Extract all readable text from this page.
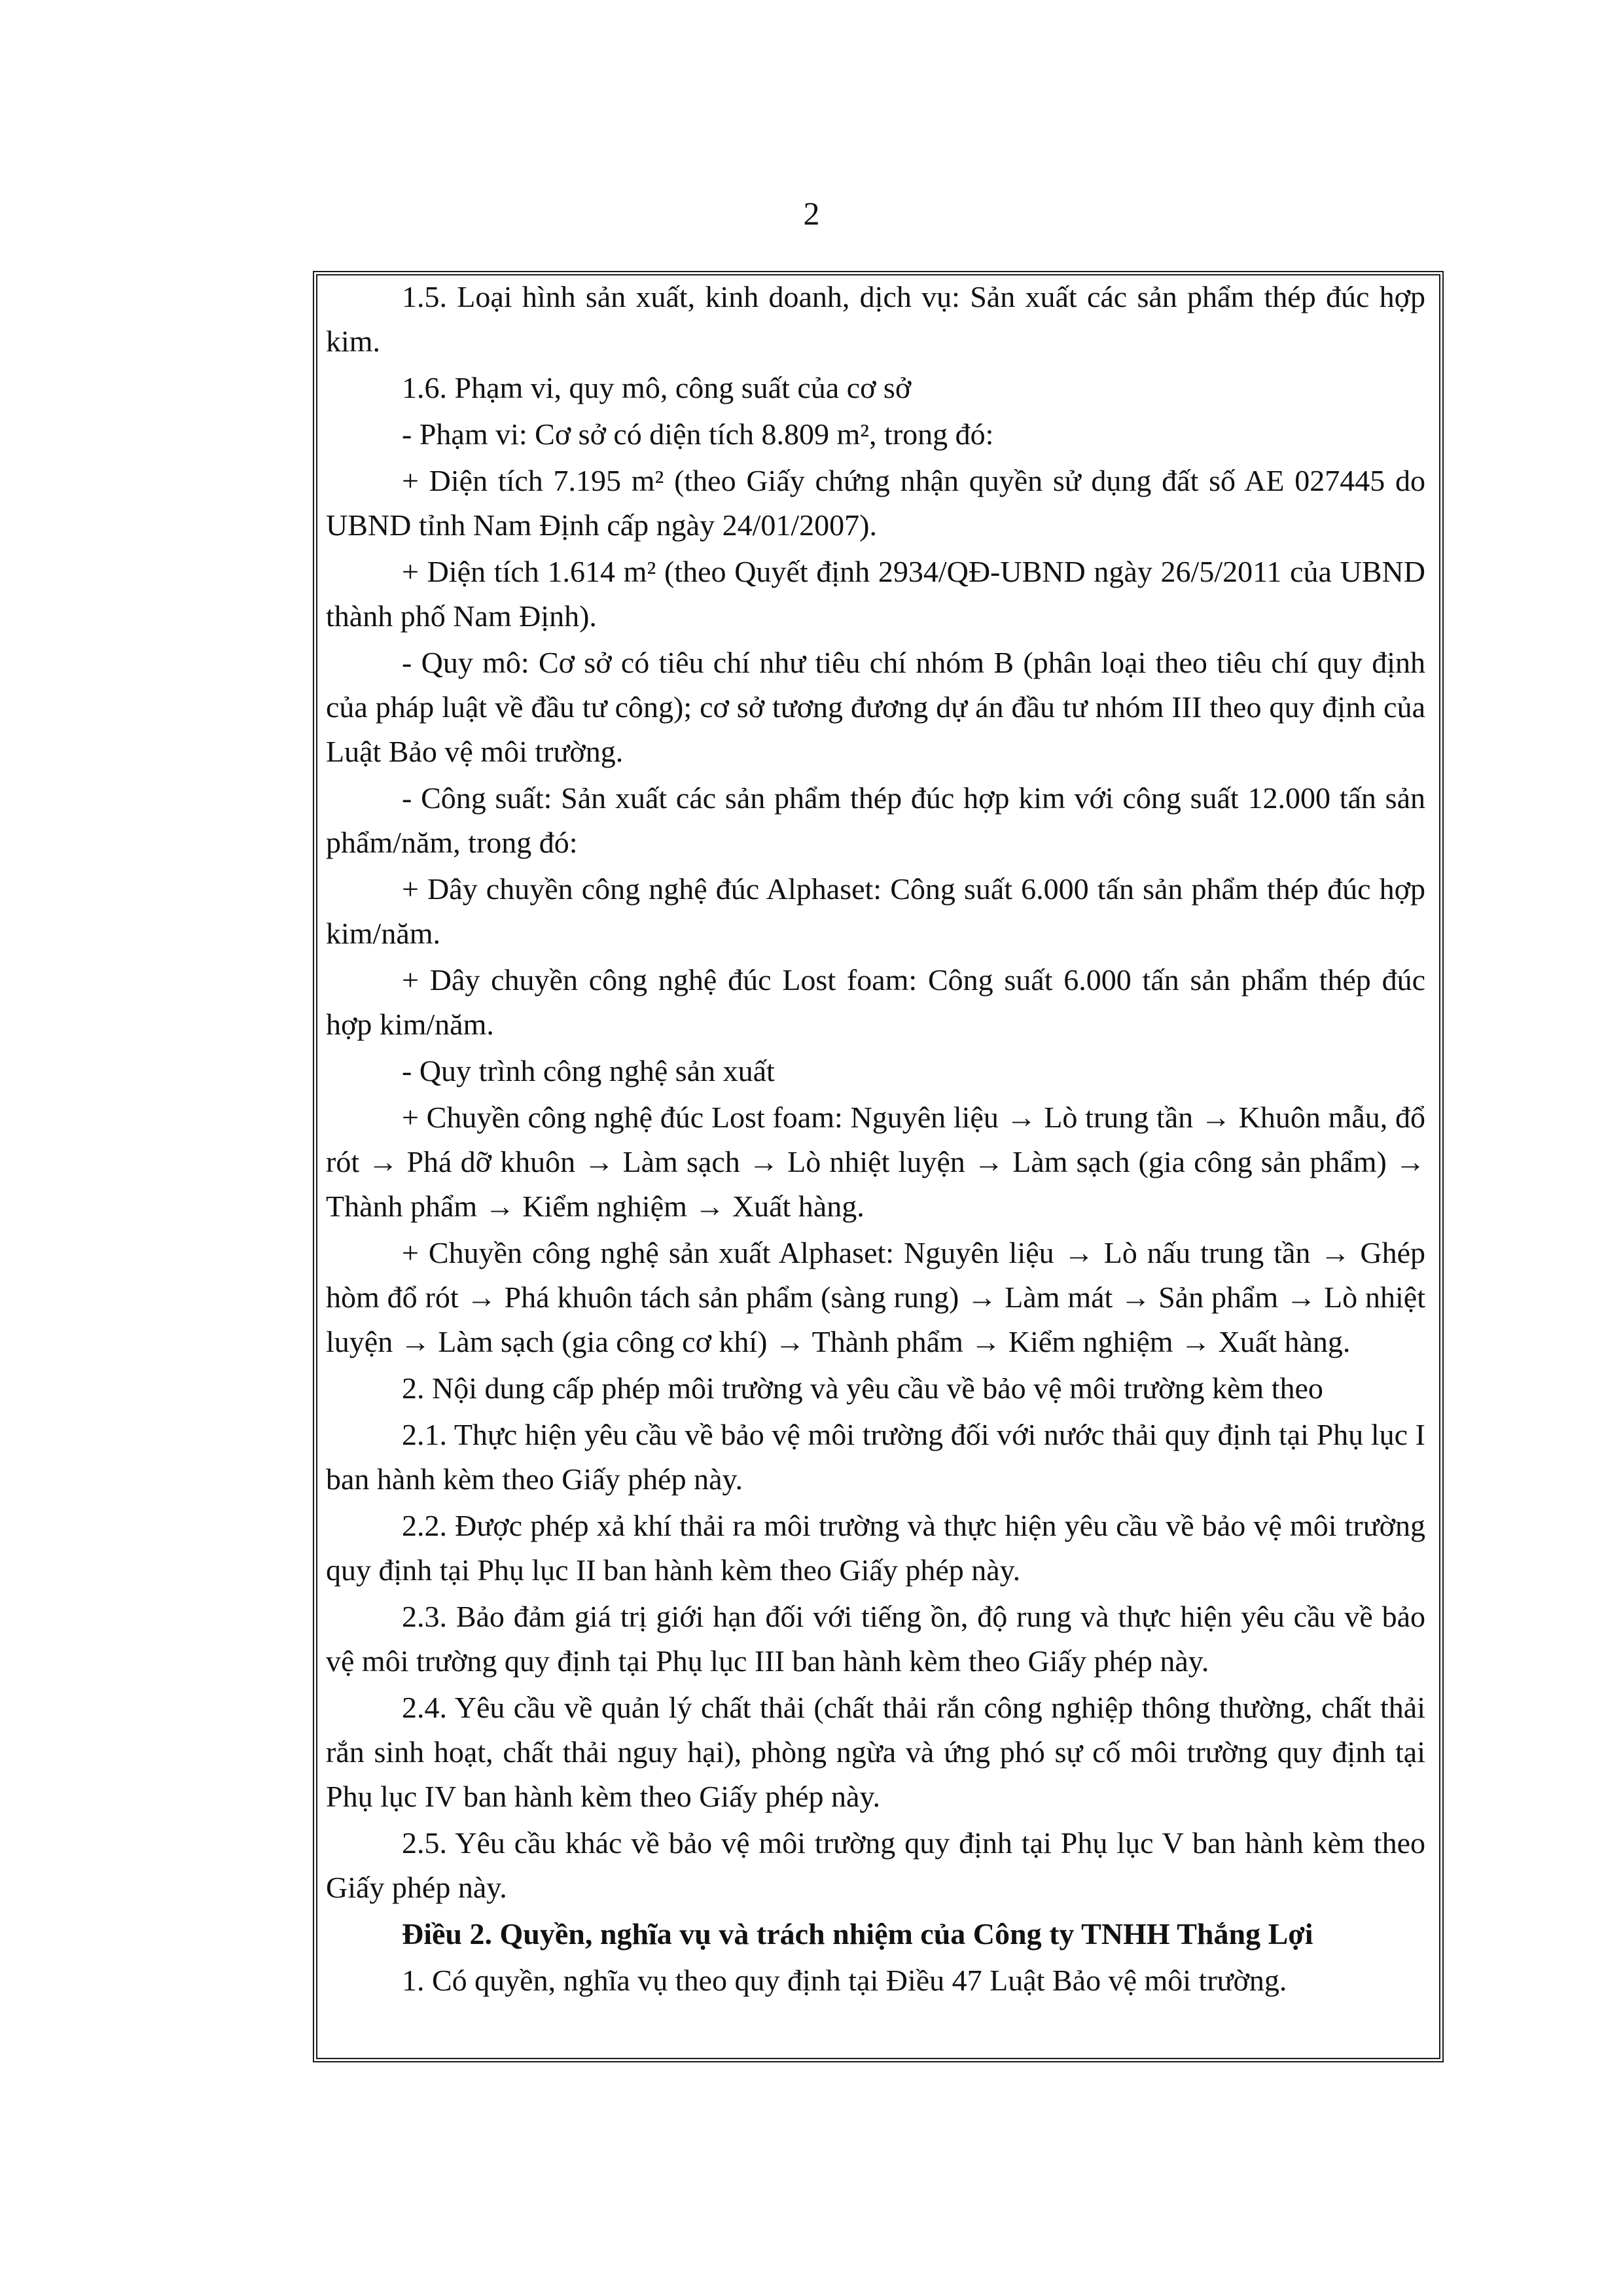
2

1.5. Loại hình sản xuất, kinh doanh, dịch vụ: Sản xuất các sản phẩm thép đúc hợp kim.

1.6. Phạm vi, quy mô, công suất của cơ sở

- Phạm vi: Cơ sở có diện tích 8.809 m², trong đó:

+ Diện tích 7.195 m² (theo Giấy chứng nhận quyền sử dụng đất số AE 027445 do UBND tỉnh Nam Định cấp ngày 24/01/2007).

+ Diện tích 1.614 m² (theo Quyết định 2934/QĐ-UBND ngày 26/5/2011 của UBND thành phố Nam Định).

- Quy mô: Cơ sở có tiêu chí như tiêu chí nhóm B (phân loại theo tiêu chí quy định của pháp luật về đầu tư công); cơ sở tương đương dự án đầu tư nhóm III theo quy định của Luật Bảo vệ môi trường.

- Công suất: Sản xuất các sản phẩm thép đúc hợp kim với công suất 12.000 tấn sản phẩm/năm, trong đó:

+ Dây chuyền công nghệ đúc Alphaset: Công suất 6.000 tấn sản phẩm thép đúc hợp kim/năm.

+ Dây chuyền công nghệ đúc Lost foam: Công suất 6.000 tấn sản phẩm thép đúc hợp kim/năm.

- Quy trình công nghệ sản xuất

+ Chuyền công nghệ đúc Lost foam: Nguyên liệu → Lò trung tần → Khuôn mẫu, đổ rót → Phá dỡ khuôn → Làm sạch → Lò nhiệt luyện → Làm sạch (gia công sản phẩm) → Thành phẩm → Kiểm nghiệm → Xuất hàng.

+ Chuyền công nghệ sản xuất Alphaset: Nguyên liệu → Lò nấu trung tần → Ghép hòm đổ rót → Phá khuôn tách sản phẩm (sàng rung) → Làm mát → Sản phẩm → Lò nhiệt luyện → Làm sạch (gia công cơ khí) → Thành phẩm → Kiểm nghiệm → Xuất hàng.

2. Nội dung cấp phép môi trường và yêu cầu về bảo vệ môi trường kèm theo

2.1. Thực hiện yêu cầu về bảo vệ môi trường đối với nước thải quy định tại Phụ lục I ban hành kèm theo Giấy phép này.

2.2. Được phép xả khí thải ra môi trường và thực hiện yêu cầu về bảo vệ môi trường quy định tại Phụ lục II ban hành kèm theo Giấy phép này.

2.3. Bảo đảm giá trị giới hạn đối với tiếng ồn, độ rung và thực hiện yêu cầu về bảo vệ môi trường quy định tại Phụ lục III ban hành kèm theo Giấy phép này.

2.4. Yêu cầu về quản lý chất thải (chất thải rắn công nghiệp thông thường, chất thải rắn sinh hoạt, chất thải nguy hại), phòng ngừa và ứng phó sự cố môi trường quy định tại Phụ lục IV ban hành kèm theo Giấy phép này.

2.5. Yêu cầu khác về bảo vệ môi trường quy định tại Phụ lục V ban hành kèm theo Giấy phép này.

Điều 2. Quyền, nghĩa vụ và trách nhiệm của Công ty TNHH Thắng Lợi

1. Có quyền, nghĩa vụ theo quy định tại Điều 47 Luật Bảo vệ môi trường.
